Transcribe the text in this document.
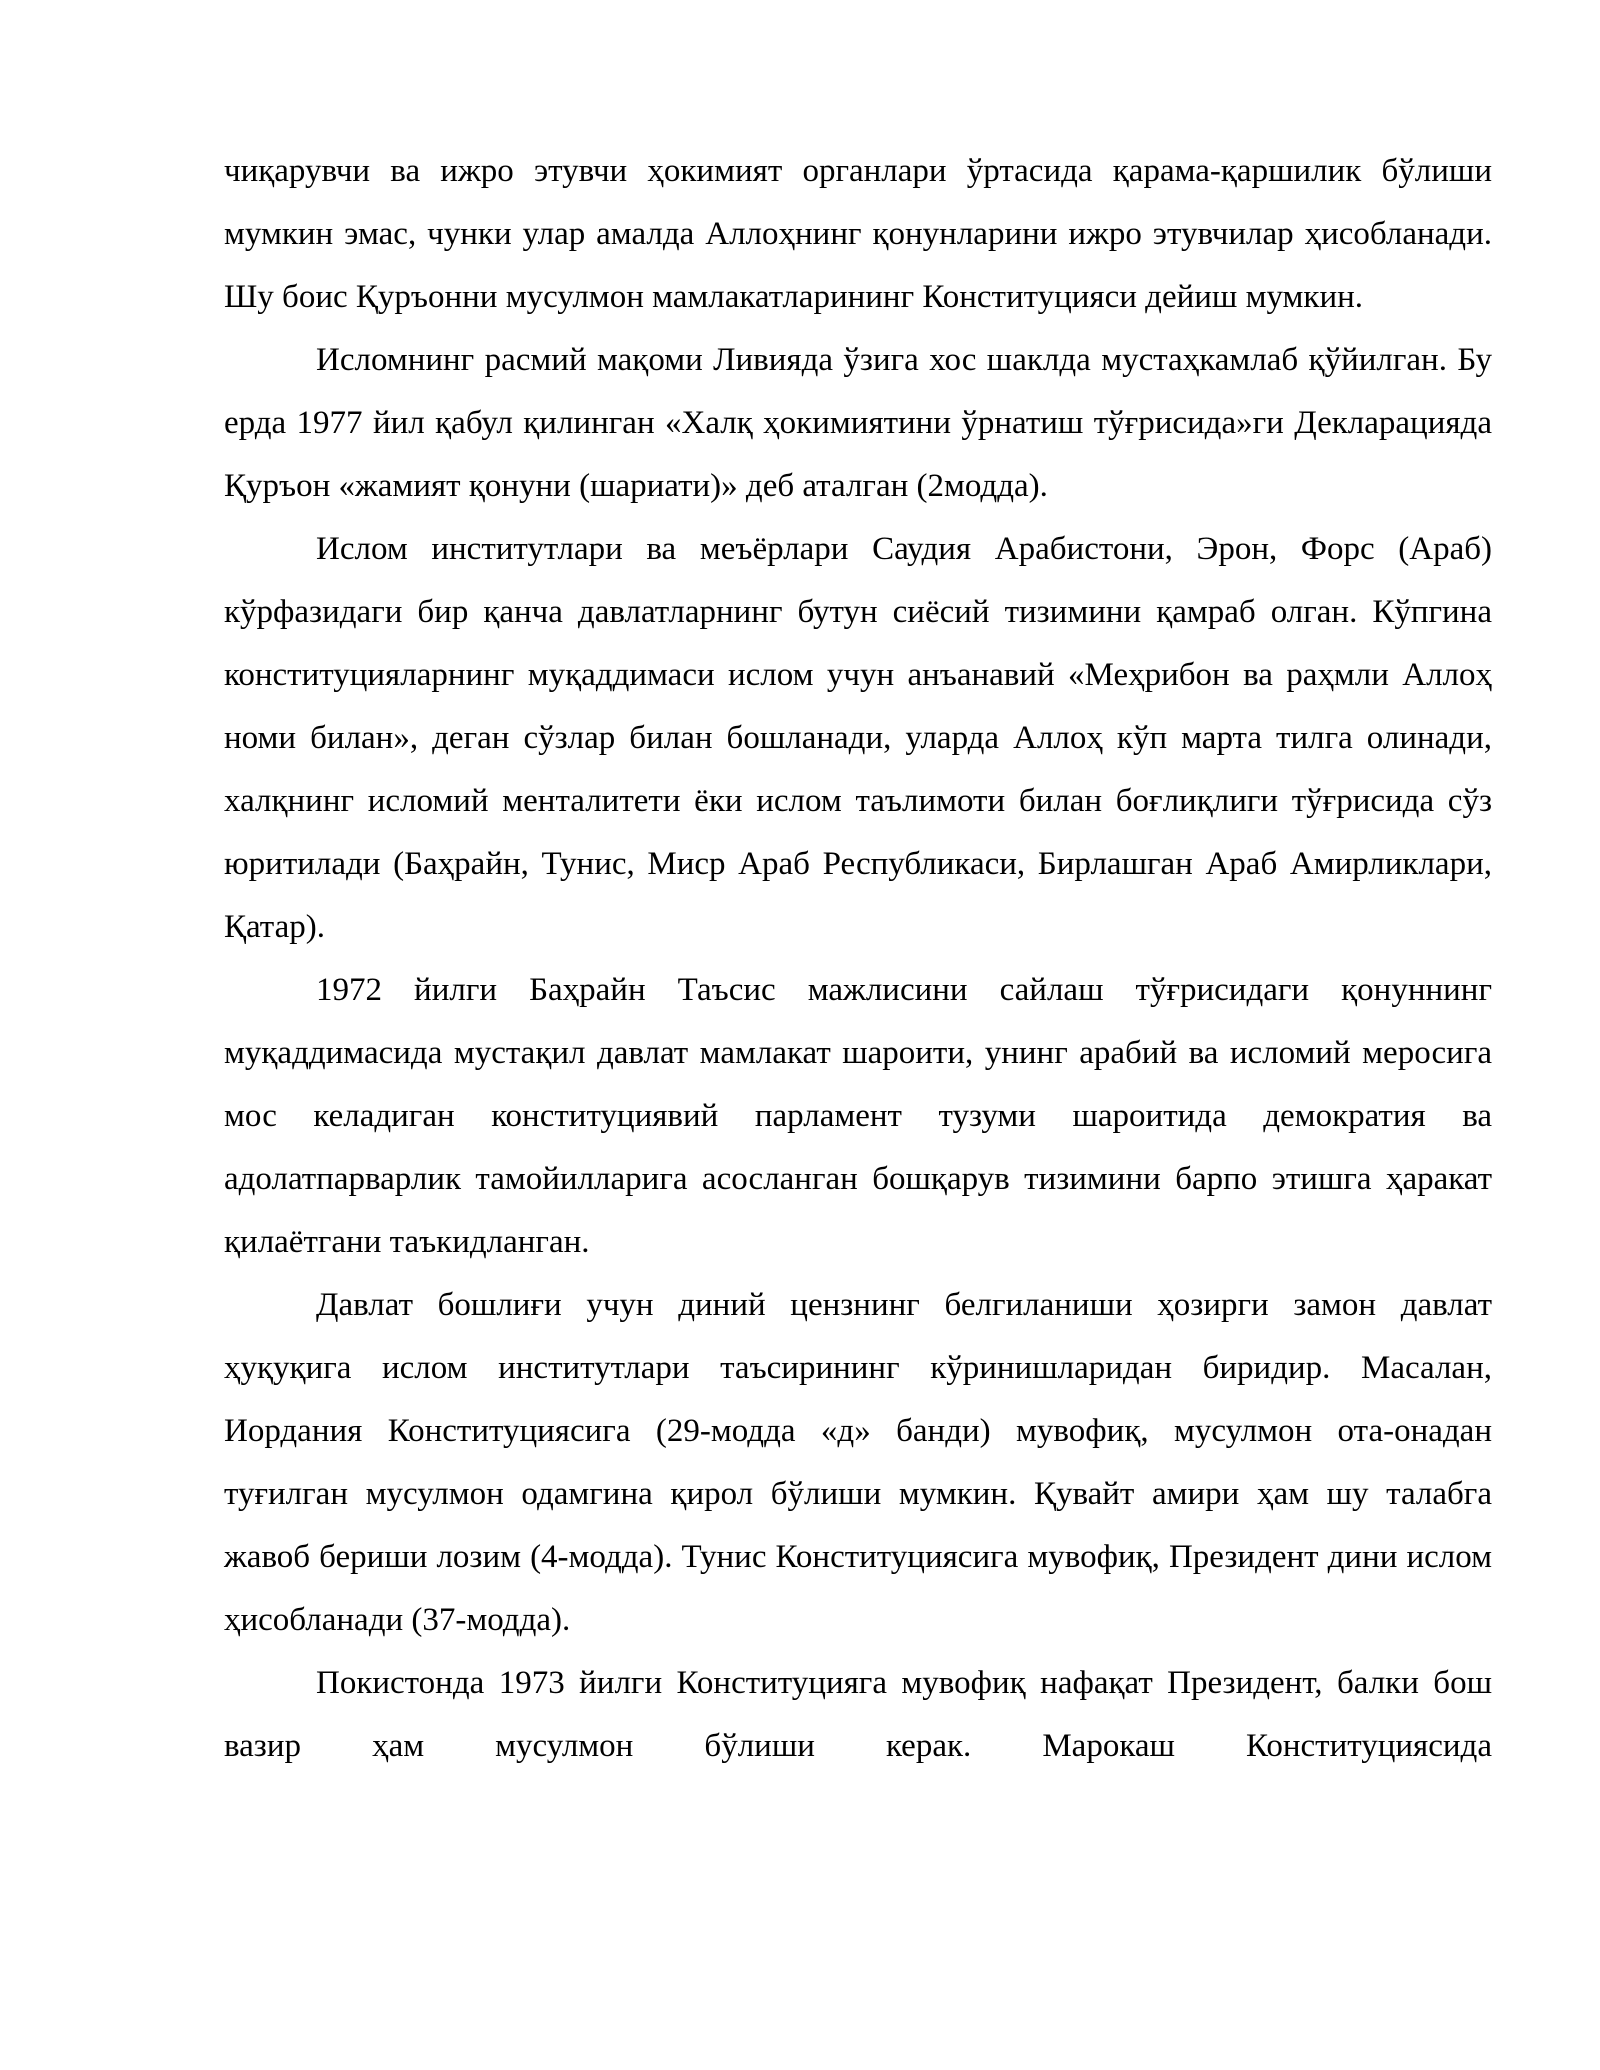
чиқарувчи ва ижро этувчи ҳокимият органлари ўртасида қарама-қаршилик бўлиши мумкин эмас, чунки улар амалда Аллоҳнинг қонунларини ижро этувчилар ҳисобланади. Шу боис Қуръонни мусулмон мамлакатларининг Конституцияси дейиш мумкин.

Исломнинг расмий мақоми Ливияда ўзига хос шаклда мустаҳкамлаб қўйилган. Бу ерда 1977 йил қабул қилинган «Халқ ҳокимиятини ўрнатиш тўғрисида»ги Декларацияда Қуръон «жамият қонуни (шариати)» деб аталган (2модда).

Ислом институтлари ва меъёрлари Саудия Арабистони, Эрон, Форс (Араб) кўрфазидаги бир қанча давлатларнинг бутун сиёсий тизимини қамраб олган. Кўпгина конституцияларнинг муқаддимаси ислом учун анъанавий «Меҳрибон ва раҳмли Аллоҳ номи билан», деган сўзлар билан бошланади, уларда Аллоҳ кўп марта тилга олинади, халқнинг исломий менталитети ёки ислом таълимоти билан боғлиқлиги тўғрисида сўз юритилади (Баҳрайн, Тунис, Миср Араб Республикаси, Бирлашган Араб Амирликлари, Қатар).

1972 йилги Баҳрайн Таъсис мажлисини сайлаш тўғрисидаги қонуннинг муқаддимасида мустақил давлат мамлакат шароити, унинг арабий ва исломий меросига мос келадиган конституциявий парламент тузуми шароитида демократия ва адолатпарварлик тамойилларига асосланган бошқарув тизимини барпо этишга ҳаракат қилаётгани таъкидланган.

Давлат бошлиғи учун диний цензнинг белгиланиши ҳозирги замон давлат ҳуқуқига ислом институтлари таъсирининг кўринишларидан биридир. Масалан, Иордания Конституциясига (29-модда «д» банди) мувофиқ, мусулмон ота-онадан туғилган мусулмон одамгина қирол бўлиши мумкин. Қувайт амири ҳам шу талабга жавоб бериши лозим (4-модда). Тунис Конституциясига мувофиқ, Президент дини ислом ҳисобланади (37-модда).

Покистонда 1973 йилги Конституцияга мувофиқ нафақат Президент, балки бош вазир ҳам мусулмон бўлиши керак. Марокаш Конституциясида
